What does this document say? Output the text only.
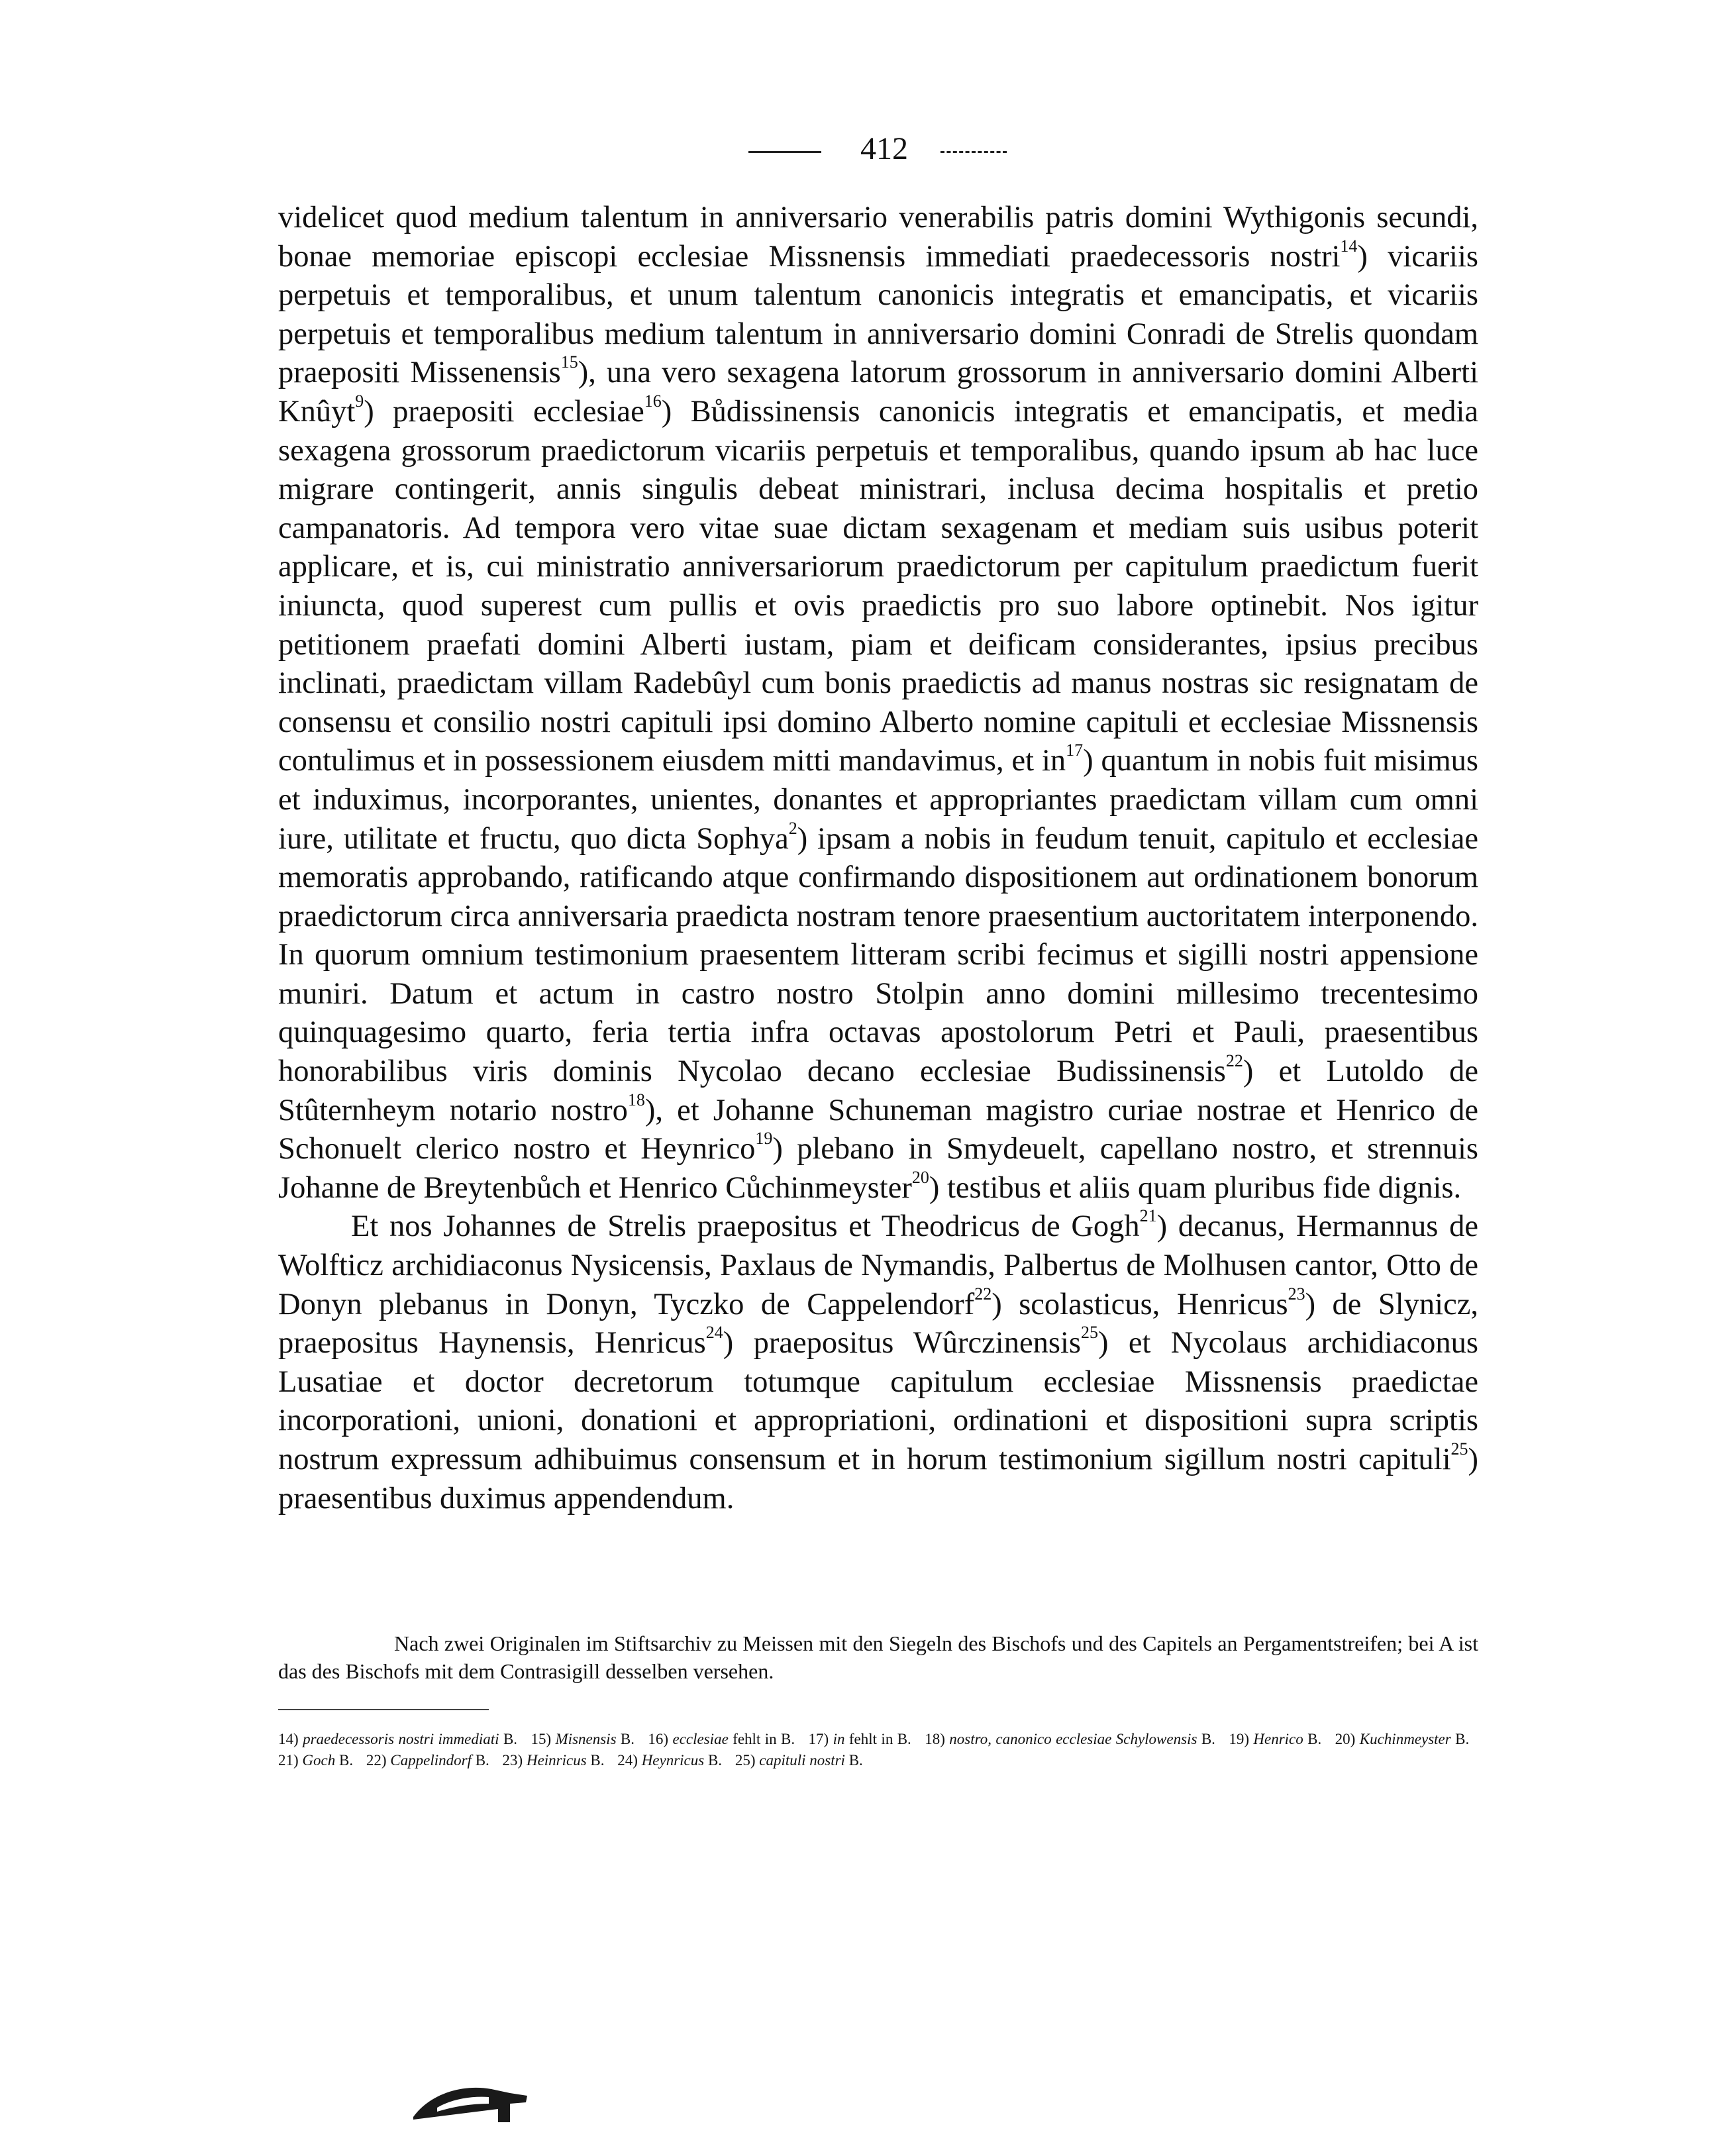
412

videlicet quod medium talentum in anniversario venerabilis patris domini Wythigonis secundi, bonae memoriae episcopi ecclesiae Missnensis immediati praedecessoris nostri$^{14}$) vicariis perpetuis et temporalibus, et unum talentum canonicis integratis et emancipatis, et vicariis perpetuis et temporalibus medium talentum in anniversario domini Conradi de Strelis quondam praepositi Missenensis$^{15}$), una vero sexagena latorum grossorum in anniversario domini Alberti Knûyt$^9$) praepositi ecclesiae$^{16}$) Bůdissinensis canonicis integratis et emancipatis, et media sexagena grossorum praedictorum vicariis perpetuis et temporalibus, quando ipsum ab hac luce migrare contingerit, annis singulis debeat ministrari, inclusa decima hospitalis et pretio campanatoris. Ad tempora vero vitae suae dictam sexagenam et mediam suis usibus poterit applicare, et is, cui ministratio anniversariorum praedictorum per capitulum praedictum fuerit iniuncta, quod superest cum pullis et ovis praedictis pro suo labore optinebit. Nos igitur petitionem praefati domini Alberti iustam, piam et deificam considerantes, ipsius precibus inclinati, praedictam villam Radebûyl cum bonis praedictis ad manus nostras sic resignatam de consensu et consilio nostri capituli ipsi domino Alberto nomine capituli et ecclesiae Missnensis contulimus et in possessionem eiusdem mitti mandavimus, et $in^{17}$) quantum in nobis fuit misimus et induximus, incorporantes, unientes, donantes et appropriantes praedictam villam cum omni iure, utilitate et fructu, quo dicta Sophya$^2$) ipsam a nobis in feudum tenuit, capitulo et ecclesiae memoratis approbando, ratificando atque confirmando dispositionem aut ordinationem bonorum praedictorum circa anniversaria praedicta nostram tenore praesentium auctoritatem interponendo. In quorum omnium testimonium praesentem litteram scribi fecimus et sigilli nostri appensione muniri. Datum et actum in castro nostro Stolpin anno domini millesimo trecentesimo quinquagesimo quarto, feria tertia infra octavas apostolorum Petri et Pauli, praesentibus honorabilibus viris dominis Nycolao decano ecclesiae Budissinensis$^{22}$) et Lutoldo de Stûternheym notario nostro$^{18}$), et Johanne Schuneman magistro curiae nostrae et Henrico de Schonuelt clerico nostro et Heynrico$^{19}$) plebano in Smydeuelt, capellano nostro, et strennuis Johanne de Breytenbůch et Henrico Cůchinmeyster$^{20}$) testibus et aliis quam pluribus fide dignis.

Et nos Johannes de Strelis praepositus et Theodricus de Gogh$^{21}$) decanus, Hermannus de Wolfticz archidiaconus Nysicensis, Paxlaus de Nymandis, Palbertus de Molhusen cantor, Otto de Donyn plebanus in Donyn, Tyczko de Cappelendorf$^{22}$) scolasticus, Henricus$^{23}$) de Slynicz, praepositus Haynensis, Henricus$^{24}$) praepositus Wûrczinensis$^{25}$) et Nycolaus archidiaconus Lusatiae et doctor decretorum totumque capitulum ecclesiae Missnensis praedictae incorporationi, unioni, donationi et appropriationi, ordinationi et dispositioni supra scriptis nostrum expressum adhibuimus consensum et in horum testimonium sigillum nostri capituli$^{25}$) praesentibus duximus appendendum.

Nach zwei Originalen im Stiftsarchiv zu Meissen mit den Siegeln des Bischofs und des Capitels an Pergamentstreifen; bei A ist das des Bischofs mit dem Contrasigill desselben versehen.

14) praedecessoris nostri immediati B. 15) Misnensis B. 16) ecclesiae fehlt in B. 17) in fehlt in B. 18) nostro, canonico ecclesiae Schylowensis B. 19) Henrico B. 20) Kuchinmeyster B. 21) Goch B. 22) Cappelindorf B. 23) Heinricus B. 24) Heynricus B. 25) capituli nostri B.
